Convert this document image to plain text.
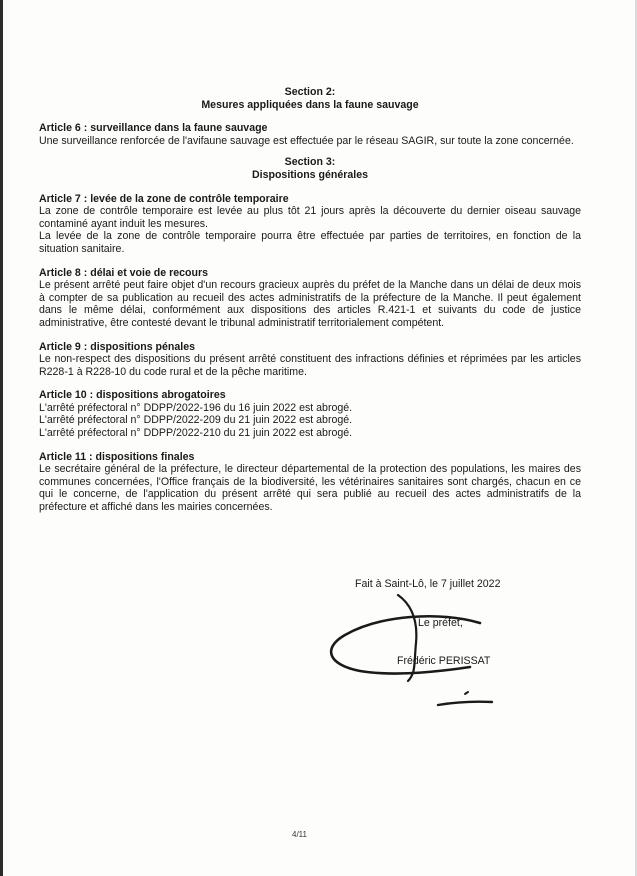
Section 2:

Mesures appliquées dans la faune sauvage

Article 6 : surveillance dans la faune sauvage

Une surveillance renforcée de l'avifaune sauvage est effectuée par le réseau SAGIR, sur toute la zone concernée.

Section 3:

Dispositions générales

Article 7 : levée de la zone de contrôle temporaire

La zone de contrôle temporaire est levée au plus tôt 21 jours après la découverte du dernier oiseau sauvage contaminé ayant induit les mesures.

La levée de la zone de contrôle temporaire pourra être effectuée par parties de territoires, en fonction de la situation sanitaire.

Article 8 : délai et voie de recours

Le présent arrêté peut faire objet d'un recours gracieux auprès du préfet de la Manche dans un délai de deux mois à compter de sa publication au recueil des actes administratifs de la préfecture de la Manche. Il peut également dans le même délai, conformément aux dispositions des articles R.421-1 et suivants du code de justice administrative, être contesté devant le tribunal administratif territorialement compétent.

Article 9 : dispositions pénales

Le non-respect des dispositions du présent arrêté constituent des infractions définies et réprimées par les articles R228-1 à R228-10 du code rural et de la pêche maritime.

Article 10 : dispositions abrogatoires

L'arrêté préfectoral n° DDPP/2022-196 du 16 juin 2022 est abrogé.

L'arrêté préfectoral n° DDPP/2022-209 du 21 juin 2022 est abrogé.

L'arrêté préfectoral n° DDPP/2022-210 du 21 juin 2022 est abrogé.

Article 11 : dispositions finales

Le secrétaire général de la préfecture, le directeur départemental de la protection des populations, les maires des communes concernées, l'Office français de la biodiversité, les vétérinaires sanitaires sont chargés, chacun en ce qui le concerne, de l'application du présent arrêté qui sera publié au recueil des actes administratifs de la préfecture et affiché dans les mairies concernées.

Fait à Saint-Lô, le 7 juillet 2022
Le préfet,
Frédéric PERISSAT
4/11
